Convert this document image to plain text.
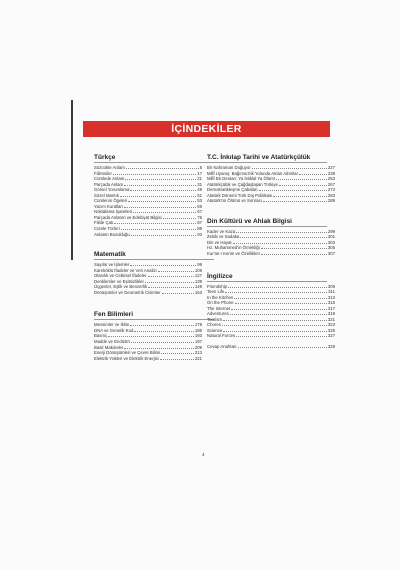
İÇİNDEKİLER
Türkçe
Sözcükte Anlam	5
Fiilimsiler	17
Cümlede Anlam	21
Parçada Anlam	31
Görsel Yorumlama	49
Sözel Mantık	51
Cümlenin Ögeleri	53
Yazım Kuralları	59
Noktalama İşaretleri	67
Parçada Anlatım ve Edebiyat Bilgisi	75
Fiilde Çatı	87
Cümle Türleri	89
Anlatım Bozukluğu	93
Matematik
Sayılar ve İşlemler	99
Kareköklü İfadeler ve Veri Analizi	109
Olasılık ve Cebirsel İfadeler	127
Denklemler ve Eşitsizlikler	139
Üçgenler, Eşlik ve Benzerlik	149
Dönüşümler ve Geometrik Cisimler	163
Fen Bilimleri
Mevsimler ve İklim	179
DNA ve Genetik Kod	185
Basınç	193
Madde ve Endüstri	197
Basit Makineler	209
Enerji Dönüşümleri ve Çevre Bilimi	213
Elektrik Yükleri ve Elektrik Enerjisi	221
T.C. İnkılap Tarihi ve Atatürkçülük
Bir Kahraman Doğuyor	227
Millî Uyanış: Bağımsızlık Yolunda Atılan Adımlar	239
Millî Bir Destan: Ya İstiklal Ya Ölüm!	253
Atatürkçülük ve Çağdaşlaşan Türkiye	267
Demokratikleşme Çabaları	273
Atatürk Dönemi Türk Dış Politikası	283
Atatürk'ün Ölümü ve Sonrası	289
Din Kültürü ve Ahlak Bilgisi
Kader ve Kaza	299
Zekât ve Sadaka	301
Din ve Hayat	303
Hz. Muhammed'in Örnekliği	305
Kur'an-ı Kerim ve Özellikleri	307
İngilizce
Friendship	309
Teen Life	311
In the Kitchen	313
On the Phone	315
The Internet	317
Adventures	319
Tourism	321
Chores	323
Science	325
Natural Forces	327
Cevap Anahtarı	329
4
